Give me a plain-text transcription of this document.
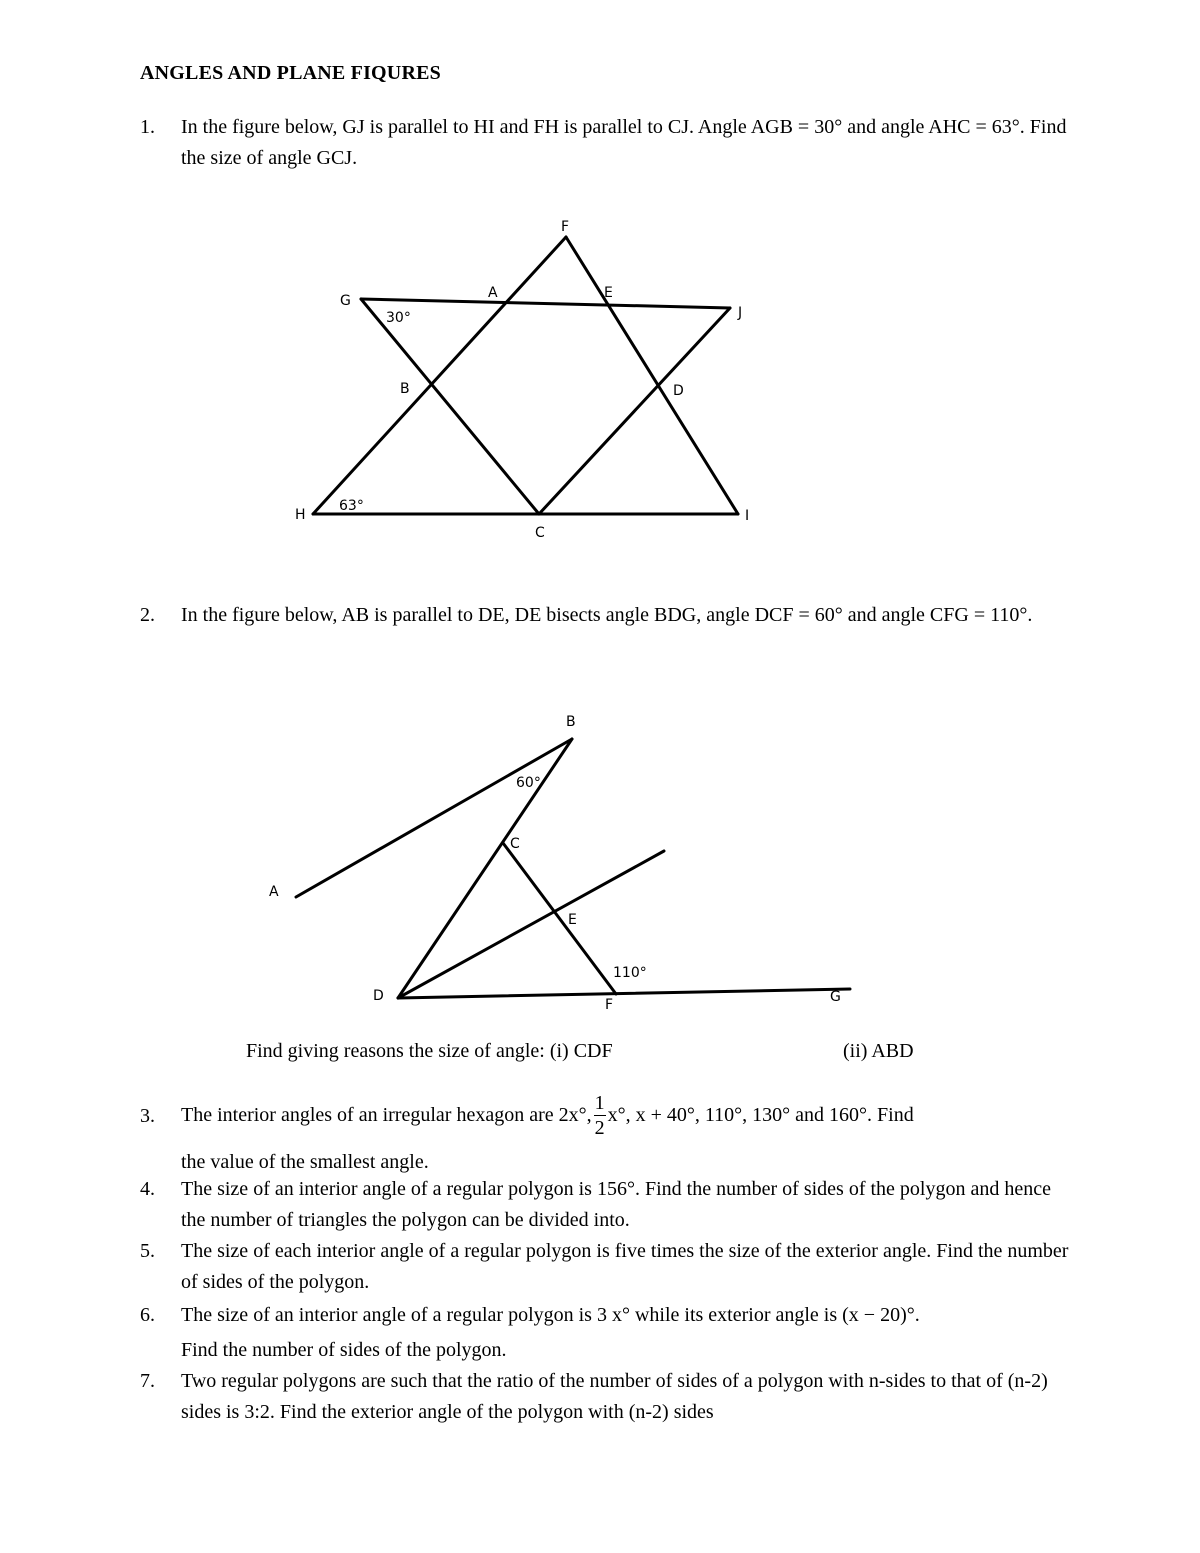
ANGLES AND PLANE FIQURES
1. In the figure below, GJ is parallel to HI and FH is parallel to CJ. Angle AGB = 30° and angle AHC = 63°. Find the size of angle GCJ.
F
G	A	E
J
B	D
H
C
I
30°
63°
2. In the figure below, AB is parallel to DE, DE bisects angle BDG, angle DCF = 60° and angle CFG = 110°.
B
C
A
E
D
F	G
60°
110°
Find giving reasons the size of angle: (i) CDF	(ii) ABD
3. The interior angles of an irregular hexagon are 2x°, $\frac{1}{2} x^\circ$, x + 40°, 110°, 130° and 160°. Find
the value of the smallest angle.
4. The size of an interior angle of a regular polygon is 156°. Find the number of sides of the polygon and hence the number of triangles the polygon can be divided into.
5. The size of each interior angle of a regular polygon is five times the size of the exterior angle. Find the number of sides of the polygon.
6. The size of an interior angle of a regular polygon is 3 x° while its exterior angle is (x − 20)°.
Find the number of sides of the polygon.
7. Two regular polygons are such that the ratio of the number of sides of a polygon with n-sides to that of (n-2) sides is 3:2. Find the exterior angle of the polygon with (n-2) sides
